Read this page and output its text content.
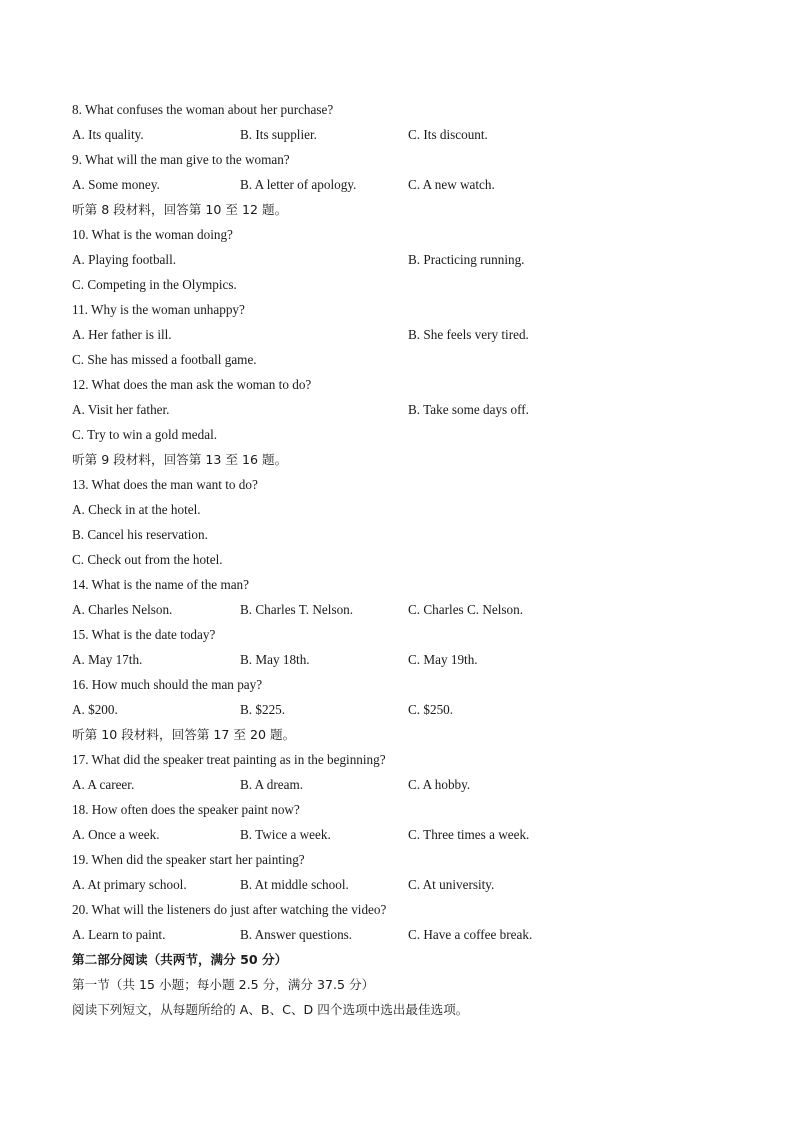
8. What confuses the woman about her purchase?
A. Its quality.	B. Its supplier.	C. Its discount.
9. What will the man give to the woman?
A. Some money.	B. A letter of apology.	C. A new watch.
听第 8 段材料，回答第 10 至 12 题。
10. What is the woman doing?
A. Playing football.	B. Practicing running.
C. Competing in the Olympics.
11. Why is the woman unhappy?
A. Her father is ill.	B. She feels very tired.
C. She has missed a football game.
12. What does the man ask the woman to do?
A. Visit her father.	B. Take some days off.
C. Try to win a gold medal.
听第 9 段材料，回答第 13 至 16 题。
13. What does the man want to do?
A. Check in at the hotel.
B. Cancel his reservation.
C. Check out from the hotel.
14. What is the name of the man?
A. Charles Nelson.	B. Charles T. Nelson.	C. Charles C. Nelson.
15. What is the date today?
A. May 17th.	B. May 18th.	C. May 19th.
16. How much should the man pay?
A. $200.	B. $225.	C. $250.
听第 10 段材料，回答第 17 至 20 题。
17. What did the speaker treat painting as in the beginning?
A. A career.	B. A dream.	C. A hobby.
18. How often does the speaker paint now?
A. Once a week.	B. Twice a week.	C. Three times a week.
19. When did the speaker start her painting?
A. At primary school.	B. At middle school.	C. At university.
20. What will the listeners do just after watching the video?
A. Learn to paint.	B. Answer questions.	C. Have a coffee break.
第二部分阅读（共两节，满分 50 分）
第一节（共 15 小题；每小题 2.5 分，满分 37.5 分）
阅读下列短文，从每题所给的 A、B、C、D 四个选项中选出最佳选项。
